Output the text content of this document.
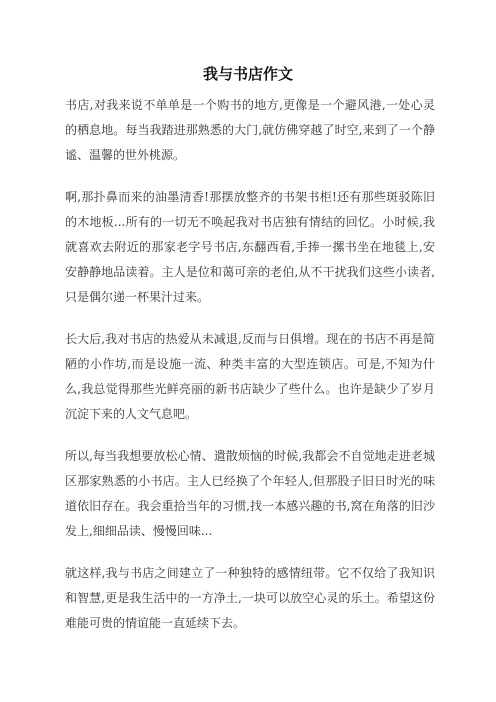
我与书店作文

书店,对我来说不单单是一个购书的地方,更像是一个避风港,一处心灵的栖息地。每当我踏进那熟悉的大门,就仿佛穿越了时空,来到了一个静谧、温馨的世外桃源。

啊,那扑鼻而来的油墨清香!那摆放整齐的书架书柜!还有那些斑驳陈旧的木地板...所有的一切无不唤起我对书店独有情结的回忆。小时候,我就喜欢去附近的那家老字号书店,东翻西看,手捧一摞书坐在地毯上,安安静静地品读着。主人是位和蔼可亲的老伯,从不干扰我们这些小读者,只是偶尔递一杯果汁过来。

长大后,我对书店的热爱从未减退,反而与日俱增。现在的书店不再是简陋的小作坊,而是设施一流、种类丰富的大型连锁店。可是,不知为什么,我总觉得那些光鲜亮丽的新书店缺少了些什么。也许是缺少了岁月沉淀下来的人文气息吧。

所以,每当我想要放松心情、遣散烦恼的时候,我都会不自觉地走进老城区那家熟悉的小书店。主人已经换了个年轻人,但那股子旧日时光的味道依旧存在。我会重拾当年的习惯,找一本感兴趣的书,窝在角落的旧沙发上,细细品读、慢慢回味...

就这样,我与书店之间建立了一种独特的感情纽带。它不仅给了我知识和智慧,更是我生活中的一方净土,一块可以放空心灵的乐土。希望这份难能可贵的情谊能一直延续下去。
